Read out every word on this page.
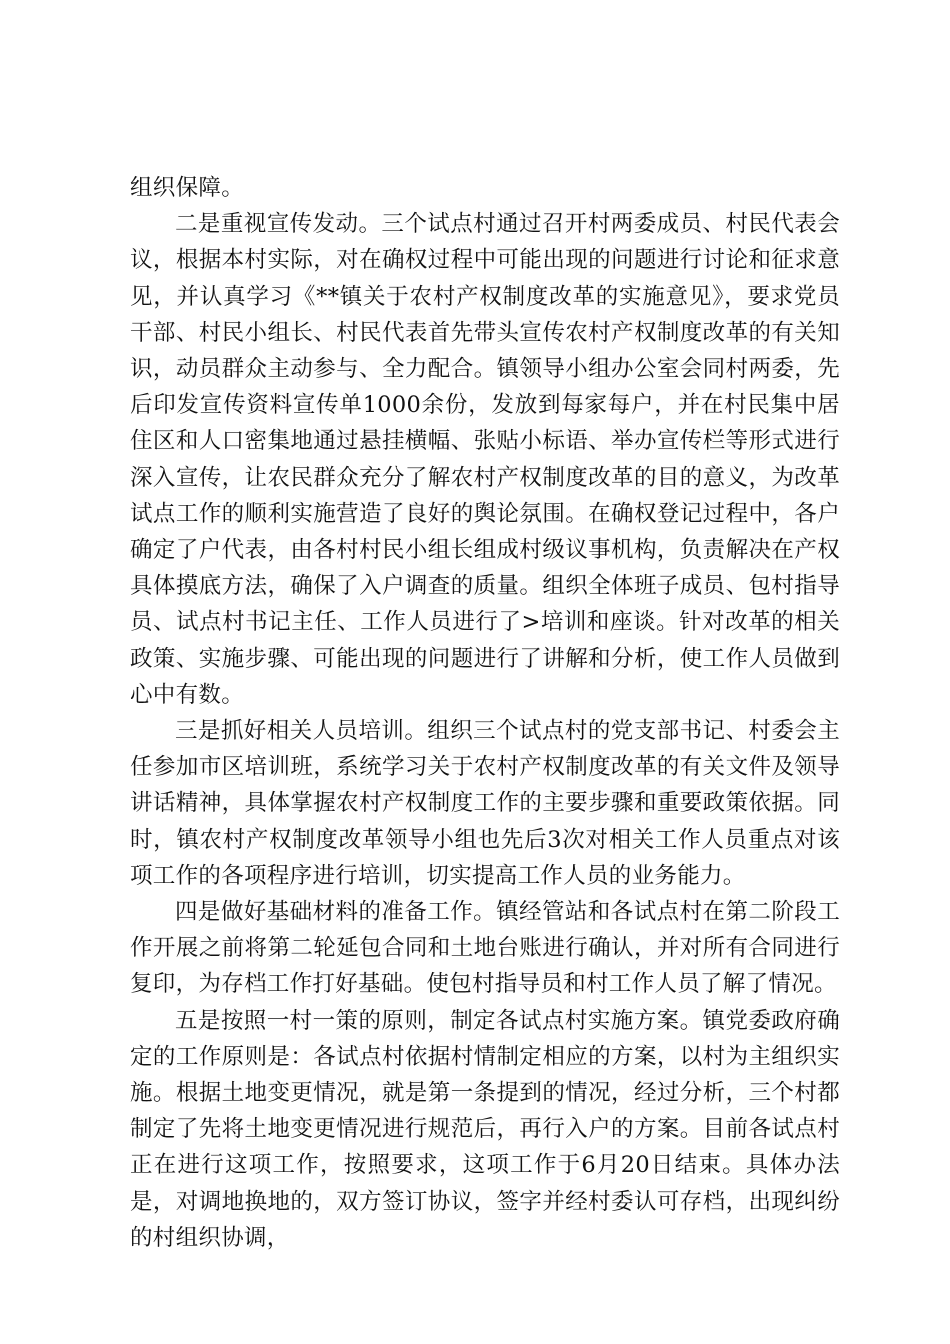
组织保障。

二是重视宣传发动。三个试点村通过召开村两委成员、村民代表会议，根据本村实际，对在确权过程中可能出现的问题进行讨论和征求意见，并认真学习《**镇关于农村产权制度改革的实施意见》，要求党员干部、村民小组长、村民代表首先带头宣传农村产权制度改革的有关知识，动员群众主动参与、全力配合。镇领导小组办公室会同村两委，先后印发宣传资料宣传单1000余份，发放到每家每户，并在村民集中居住区和人口密集地通过悬挂横幅、张贴小标语、举办宣传栏等形式进行深入宣传，让农民群众充分了解农村产权制度改革的目的意义，为改革试点工作的顺利实施营造了良好的舆论氛围。在确权登记过程中，各户确定了户代表，由各村村民小组长组成村级议事机构，负责解决在产权具体摸底方法，确保了入户调查的质量。组织全体班子成员、包村指导员、试点村书记主任、工作人员进行了>培训和座谈。针对改革的相关政策、实施步骤、可能出现的问题进行了讲解和分析，使工作人员做到心中有数。

三是抓好相关人员培训。组织三个试点村的党支部书记、村委会主任参加市区培训班，系统学习关于农村产权制度改革的有关文件及领导讲话精神，具体掌握农村产权制度工作的主要步骤和重要政策依据。同时，镇农村产权制度改革领导小组也先后3次对相关工作人员重点对该项工作的各项程序进行培训，切实提高工作人员的业务能力。

四是做好基础材料的准备工作。镇经管站和各试点村在第二阶段工作开展之前将第二轮延包合同和土地台账进行确认，并对所有合同进行复印，为存档工作打好基础。使包村指导员和村工作人员了解了情况。

五是按照一村一策的原则，制定各试点村实施方案。镇党委政府确定的工作原则是：各试点村依据村情制定相应的方案，以村为主组织实施。根据土地变更情况，就是第一条提到的情况，经过分析，三个村都制定了先将土地变更情况进行规范后，再行入户的方案。目前各试点村正在进行这项工作，按照要求，这项工作于6月20日结束。具体办法是，对调地换地的，双方签订协议，签字并经村委认可存档，出现纠纷的村组织协调，
